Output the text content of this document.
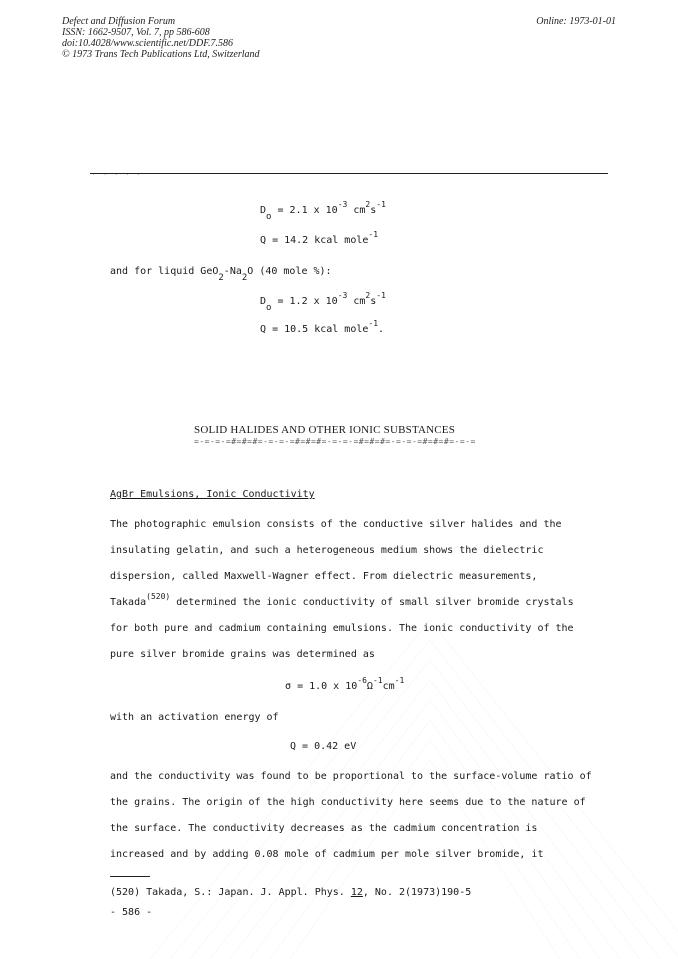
Defect and Diffusion Forum
ISSN: 1662-9507, Vol. 7, pp 586-608
doi:10.4028/www.scientific.net/DDF.7.586
© 1973 Trans Tech Publications Ltd, Switzerland
Online: 1973-01-01
. . . . .
$D_o = 2.1$ x $10^{-3}$ $cm^2s^{-1}$
Q = 14.2 kcal mole$^{-1}$
and for liquid $GeO_2-Na_2O$ (40 mole %):
$D_o = 1.2$ x $10^{-3}$ $cm^2s^{-1}$
Q = 10.5 kcal mole$^{-1}$.
SOLID HALIDES AND OTHER IONIC SUBSTANCES
=-=-=-=#=#=#=-=-=-=#=#=#=-=-=-=#=#=#=-=-=-=#=#=#=-=-=
AgBr Emulsions, Ionic Conductivity

The photographic emulsion consists of the conductive silver halides and the

insulating gelatin, and such a heterogeneous medium shows the dielectric

dispersion, called Maxwell-Wagner effect. From dielectric measurements,

Takada$^{(520)}$ determined the ionic conductivity of small silver bromide crystals

for both pure and cadmium containing emulsions. The ionic conductivity of the

pure silver bromide grains was determined as

σ = 1.0 x $10^{-6}\Omega^{-1}cm^{-1}$
with an activation energy of
Q = 0.42 eV

and the conductivity was found to be proportional to the surface-volume ratio of

the grains. The origin of the high conductivity here seems due to the nature of

the surface. The conductivity decreases as the cadmium concentration is

increased and by adding 0.08 mole of cadmium per mole silver bromide, it

(520) Takada, S.: Japan. J. Appl. Phys. 12, No. 2(1973)190-5
- 586 -
